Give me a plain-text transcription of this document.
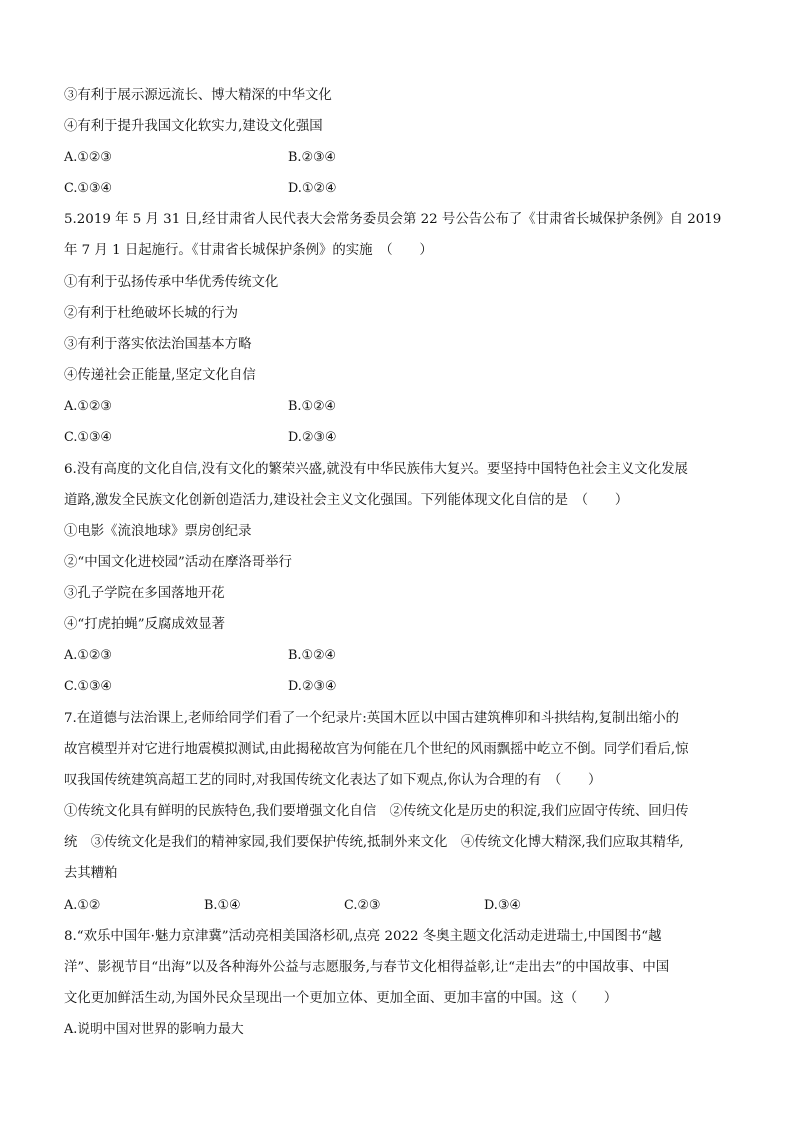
③有利于展示源远流长、博大精深的中华文化
④有利于提升我国文化软实力,建设文化强国
A.①②③	B.②③④
C.①③④	D.①②④
5.2019 年 5 月 31 日,经甘肃省人民代表大会常务委员会第 22 号公告公布了《甘肃省长城保护条例》自 2019
年 7 月 1 日起施行。《甘肃省长城保护条例》的实施　（　　）
①有利于弘扬传承中华优秀传统文化
②有利于杜绝破坏长城的行为
③有利于落实依法治国基本方略
④传递社会正能量,坚定文化自信
A.①②③	B.①②④
C.①③④	D.②③④
6.没有高度的文化自信,没有文化的繁荣兴盛,就没有中华民族伟大复兴。要坚持中国特色社会主义文化发展
道路,激发全民族文化创新创造活力,建设社会主义文化强国。下列能体现文化自信的是　（　　）
①电影《流浪地球》票房创纪录
②“中国文化进校园”活动在摩洛哥举行
③孔子学院在多国落地开花
④“打虎拍蝇”反腐成效显著
A.①②③	B.①②④
C.①③④	D.②③④
7.在道德与法治课上,老师给同学们看了一个纪录片:英国木匠以中国古建筑榫卯和斗拱结构,复制出缩小的
故宫模型并对它进行地震模拟测试,由此揭秘故宫为何能在几个世纪的风雨飘摇中屹立不倒。同学们看后,惊
叹我国传统建筑高超工艺的同时,对我国传统文化表达了如下观点,你认为合理的有　（　　）
①传统文化具有鲜明的民族特色,我们要增强文化自信　②传统文化是历史的积淀,我们应固守传统、回归传
统　③传统文化是我们的精神家园,我们要保护传统,抵制外来文化　④传统文化博大精深,我们应取其精华,
去其糟粕
A.①②	B.①④	C.②③	D.③④
8.“欢乐中国年·魅力京津冀”活动亮相美国洛杉矶,点亮 2022 冬奥主题文化活动走进瑞士,中国图书“越
洋”、影视节目“出海”以及各种海外公益与志愿服务,与春节文化相得益彰,让“走出去”的中国故事、中国
文化更加鲜活生动,为国外民众呈现出一个更加立体、更加全面、更加丰富的中国。这（　　）
A.说明中国对世界的影响力最大
